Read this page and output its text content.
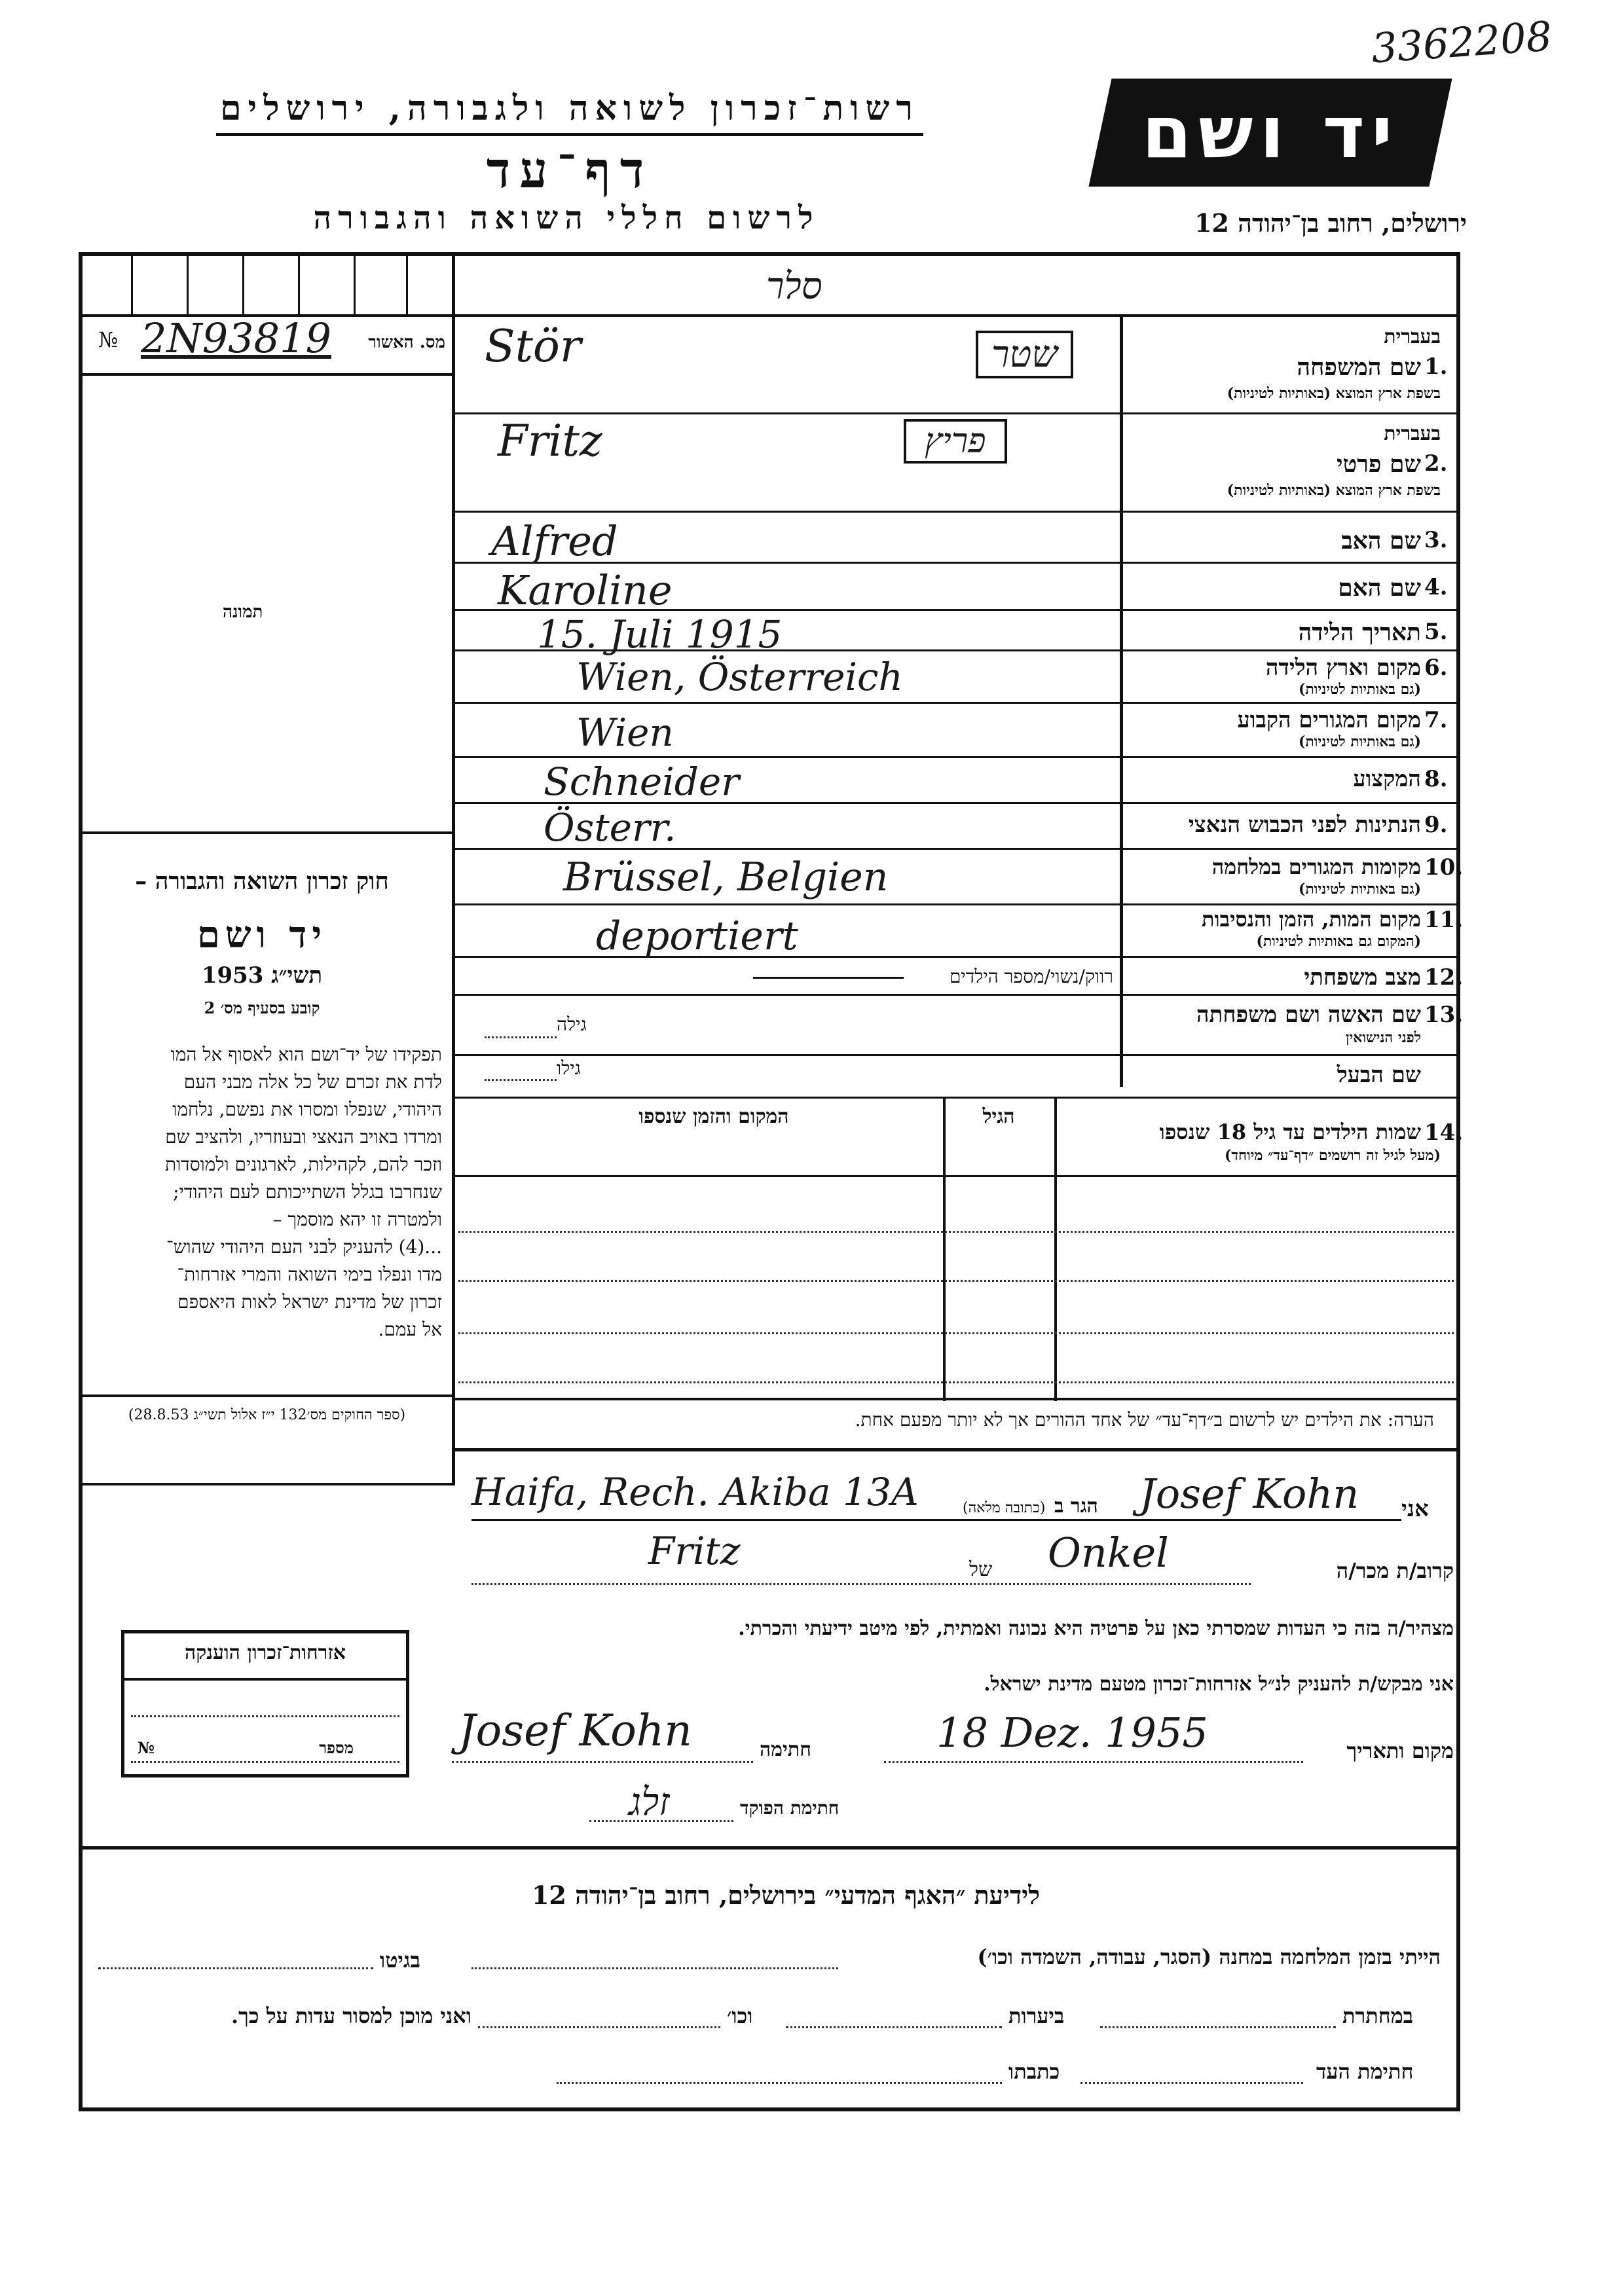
3362208
יד ושם
רשות־זכרון לשואה ולגבורה, ירושלים
דף־עד
לרשום חללי השואה והגבורה	ירושלים, רחוב בן־יהודה 12
סלר
№ 2N93819	מס. האשור
תמונה
חוק זכרון השואה והגבורה –
יד ושם
תשי״ג 1953
קובע בסעיף מס׳ 2
תפקידו של יד־ושם הוא לאסוף אל המו
לדת את זכרם של כל אלה מבני העם
היהודי, שנפלו ומסרו את נפשם, נלחמו
ומרדו באויב הנאצי ובעוזריו, ולהציב שם
וזכר להם, לקהילות, לארגונים ולמוסדות
שנחרבו בגלל השתייכותם לעם היהודי;
ולמטרה זו יהא מוסמך –
...(4) להעניק לבני העם היהודי שהוש־
מדו ונפלו בימי השואה והמרי אזרחות־
זכרון של מדינת ישראל לאות היאספם
אל עמם.
(ספר החוקים מס׳132 י״ז אלול תשי״ג 28.8.53)
Stör	שטר	בעברית
שם המשפחה 1.
בשפת ארץ המוצא (באותיות לטיניות)
Fritz	פריץ	בעברית
שם פרטי 2.
בשפת ארץ המוצא (באותיות לטיניות)
Alfred	שם האב 3.
Karoline	שם האם 4.
15. Juli 1915	תאריך הלידה 5.
Wien, Österreich	מקום וארץ הלידה 6.
(גם באותיות לטיניות)
Wien	מקום המגורים הקבוע 7.
(גם באותיות לטיניות)
Schneider	המקצוע 8.
Österr.	הנתינות לפני הכבוש הנאצי 9.
Brüssel, Belgien	מקומות המגורים במלחמה 10.
(גם באותיות לטיניות)
deportiert	מקום המות, הזמן והנסיבות 11.
(המקום גם באותיות לטיניות)
רווק/נשוי/מספר הילדים	מצב משפחתי 12.
גילה	שם האשה ושם משפחתה 13.
לפני הנישואין
גילו	שם הבעל
המקום והזמן שנספו	הגיל
שמות הילדים עד גיל 18 שנספו 14.
(מעל לגיל זה רושמים ״דף־עד״ מיוחד)
הערה: את הילדים יש לרשום ב״דף־עד״ של אחד ההורים אך לא יותר מפעם אחת.
אני
Josef Kohn
הגר ב
(כתובה מלאה)
Haifa, Rech. Akiba 13A
קרוב/ת מכר/ה
Onkel
של
Fritz
מצהיר/ה בזה כי העדות שמסרתי כאן על פרטיה היא נכונה ואמתית, לפי מיטב ידיעתי והכרתי.
אני מבקש/ת להעניק לנ״ל אזרחות־זכרון מטעם מדינת ישראל.
מקום ותאריך
18 Dez. 1955
חתימה
Josef Kohn
חתימת הפוקד
זלג
אזרחות־זכרון הוענקה
מספר
№
לידיעת ״האגף המדעי״ בירושלים, רחוב בן־יהודה 12
הייתי בזמן המלחמה במחנה (הסגר, עבודה, השמדה וכו׳)
בגיטו
במחתרת
ביערות
וכו׳
ואני מוכן למסור עדות על כך.
חתימת העד
כתבתו
